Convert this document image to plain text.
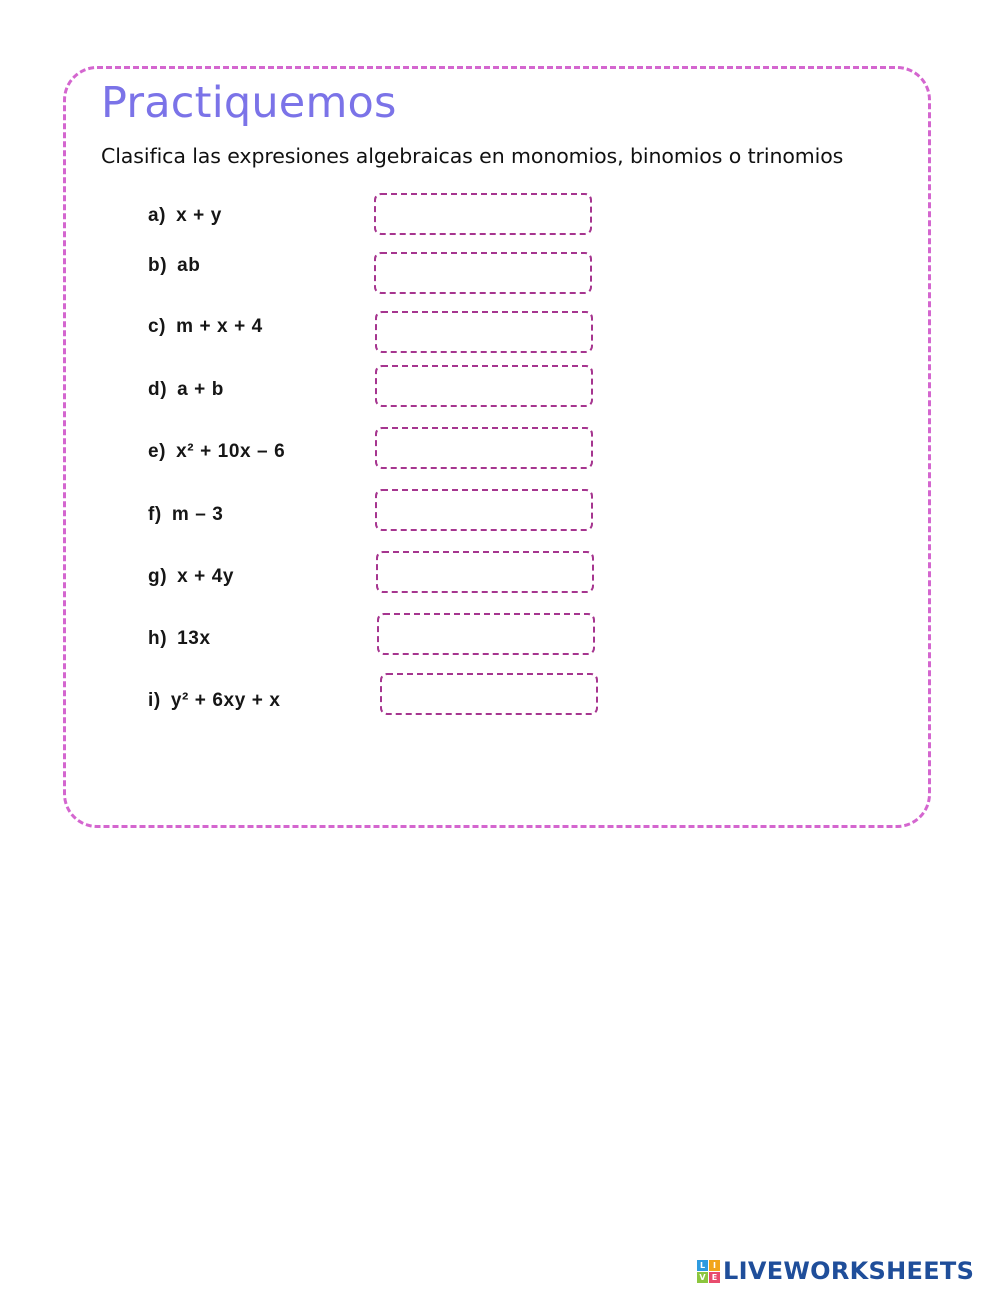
Practiquemos
Clasifica las expresiones algebraicas en monomios, binomios o trinomios
a) x + y
b) ab
c) m + x + 4
d) a + b
e) x² + 10x – 6
f) m – 3
g) x + 4y
h) 13x
i) y² + 6xy + x
L I
V E LIVEWORKSHEETS
